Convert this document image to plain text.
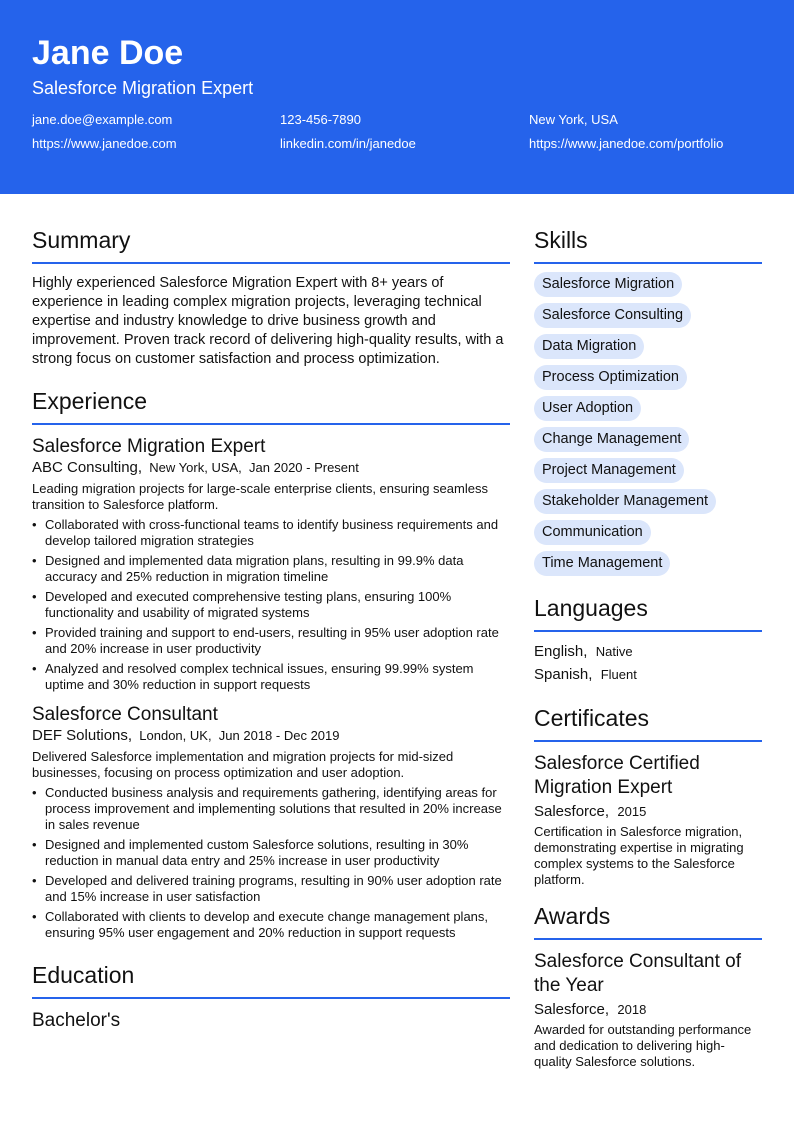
Jane Doe
Salesforce Migration Expert
jane.doe@example.com	123-456-7890	New York, USA
https://www.janedoe.com	linkedin.com/in/janedoe	https://www.janedoe.com/portfolio
Summary

Highly experienced Salesforce Migration Expert with 8+ years of experience in leading complex migration projects, leveraging technical expertise and industry knowledge to drive business growth and improvement. Proven track record of delivering high-quality results, with a strong focus on customer satisfaction and process optimization.

Experience
Salesforce Migration Expert
ABC Consulting, New York, USA, Jan 2020 - Present
Leading migration projects for large-scale enterprise clients, ensuring seamless transition to Salesforce platform.
• Collaborated with cross-functional teams to identify business requirements and develop tailored migration strategies
• Designed and implemented data migration plans, resulting in 99.9% data accuracy and 25% reduction in migration timeline
• Developed and executed comprehensive testing plans, ensuring 100% functionality and usability of migrated systems
• Provided training and support to end-users, resulting in 95% user adoption rate and 20% increase in user productivity
• Analyzed and resolved complex technical issues, ensuring 99.99% system uptime and 30% reduction in support requests
Salesforce Consultant
DEF Solutions, London, UK, Jun 2018 - Dec 2019
Delivered Salesforce implementation and migration projects for mid-sized businesses, focusing on process optimization and user adoption.
• Conducted business analysis and requirements gathering, identifying areas for process improvement and implementing solutions that resulted in 20% increase in sales revenue
• Designed and implemented custom Salesforce solutions, resulting in 30% reduction in manual data entry and 25% increase in user productivity
• Developed and delivered training programs, resulting in 90% user adoption rate and 15% increase in user satisfaction
• Collaborated with clients to develop and execute change management plans, ensuring 95% user engagement and 20% reduction in support requests
Education
Bachelor's
Skills
Salesforce Migration
Salesforce Consulting
Data Migration
Process Optimization
User Adoption
Change Management
Project Management
Stakeholder Management
Communication
Time Management
Languages
English, Native
Spanish, Fluent
Certificates
Salesforce Certified Migration Expert
Salesforce, 2015
Certification in Salesforce migration, demonstrating expertise in migrating complex systems to the Salesforce platform.
Awards
Salesforce Consultant of the Year
Salesforce, 2018
Awarded for outstanding performance and dedication to delivering high-quality Salesforce solutions.
